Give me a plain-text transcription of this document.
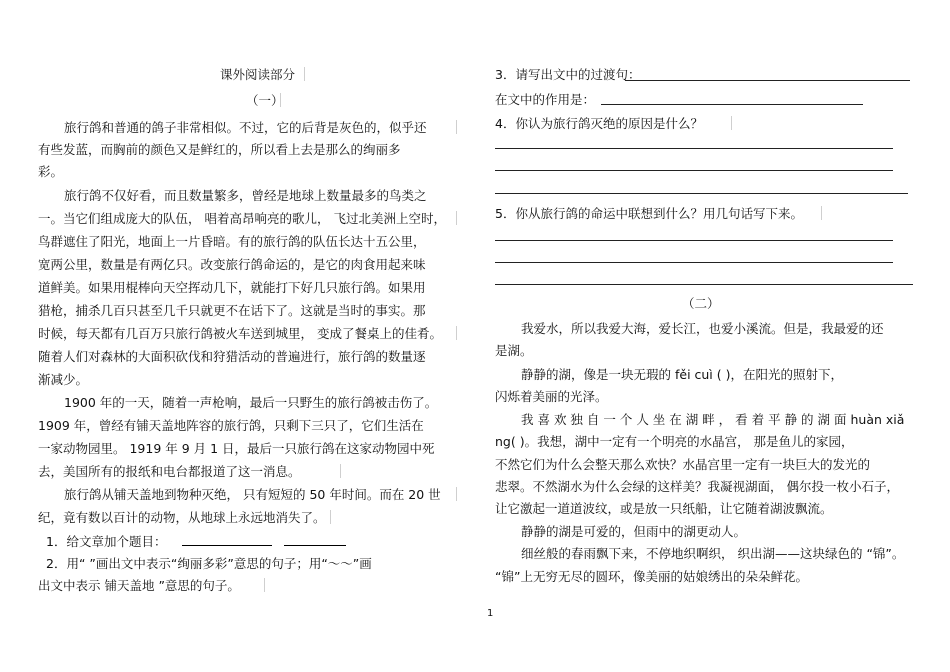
课外阅读部分
（一）
旅行鸽和普通的鸽子非常相似。不过，它的后背是灰色的，似乎还
有些发蓝，而胸前的颜色又是鲜红的，所以看上去是那么的绚丽多
彩。
旅行鸽不仅好看，而且数量繁多，曾经是地球上数量最多的鸟类之
一。当它们组成庞大的队伍， 唱着高昂响亮的歌儿， 飞过北美洲上空时，
鸟群遮住了阳光，地面上一片昏暗。有的旅行鸽的队伍长达十五公里，
宽两公里，数量是有两亿只。改变旅行鸽命运的，是它的肉食用起来味
道鲜美。如果用棍棒向天空挥动几下，就能打下好几只旅行鸽。如果用
猎枪，捕杀几百只甚至几千只就更不在话下了。这就是当时的事实。那
时候，每天都有几百万只旅行鸽被火车送到城里， 变成了餐桌上的佳肴。
随着人们对森林的大面积砍伐和狩猎活动的普遍进行，旅行鸽的数量逐
渐减少。
1900 年的一天，随着一声枪响，最后一只野生的旅行鸽被击伤了。
1909 年，曾经有铺天盖地阵容的旅行鸽，只剩下三只了，它们生活在
一家动物园里。 1919 年 9 月 1 日，最后一只旅行鸽在这家动物园中死
去，美国所有的报纸和电台都报道了这一消息。
旅行鸽从铺天盖地到物种灭绝， 只有短短的 50 年时间。而在 20 世
纪，竟有数以百计的动物，从地球上永远地消失了。
1．给文章加个题目：
2．用“ ”画出文中表示“绚丽多彩”意思的句子；用“～～”画
出文中表示 铺天盖地 ”意思的句子。
3．请写出文中的过渡句：
在文中的作用是：
4．你认为旅行鸽灭绝的原因是什么？
5．你从旅行鸽的命运中联想到什么？用几句话写下来。
（二）
我爱水，所以我爱大海，爱长江，也爱小溪流。但是，我最爱的还
是湖。
静静的湖，像是一块无瑕的 fěi cuì ( )，在阳光的照射下，
闪烁着美丽的光泽。
我 喜 欢 独 自 一 个 人 坐 在 湖 畔 ， 看 着 平 静 的 湖 面 huàn xiǎ
ng( )。我想，湖中一定有一个明亮的水晶宫， 那是鱼儿的家园，
不然它们为什么会整天那么欢快？水晶宫里一定有一块巨大的发光的
悲翠。不然湖水为什么会绿的这样美？我凝视湖面， 偶尔投一枚小石子，
让它激起一道道波纹，或是放一只纸船，让它随着湖波飘流。
静静的湖是可爱的，但雨中的湖更动人。
细丝般的春雨飘下来，不停地织啊织， 织出湖——这块绿色的 “锦”。
“锦”上无穷无尽的圆环，像美丽的姑娘绣出的朵朵鲜花。
1
